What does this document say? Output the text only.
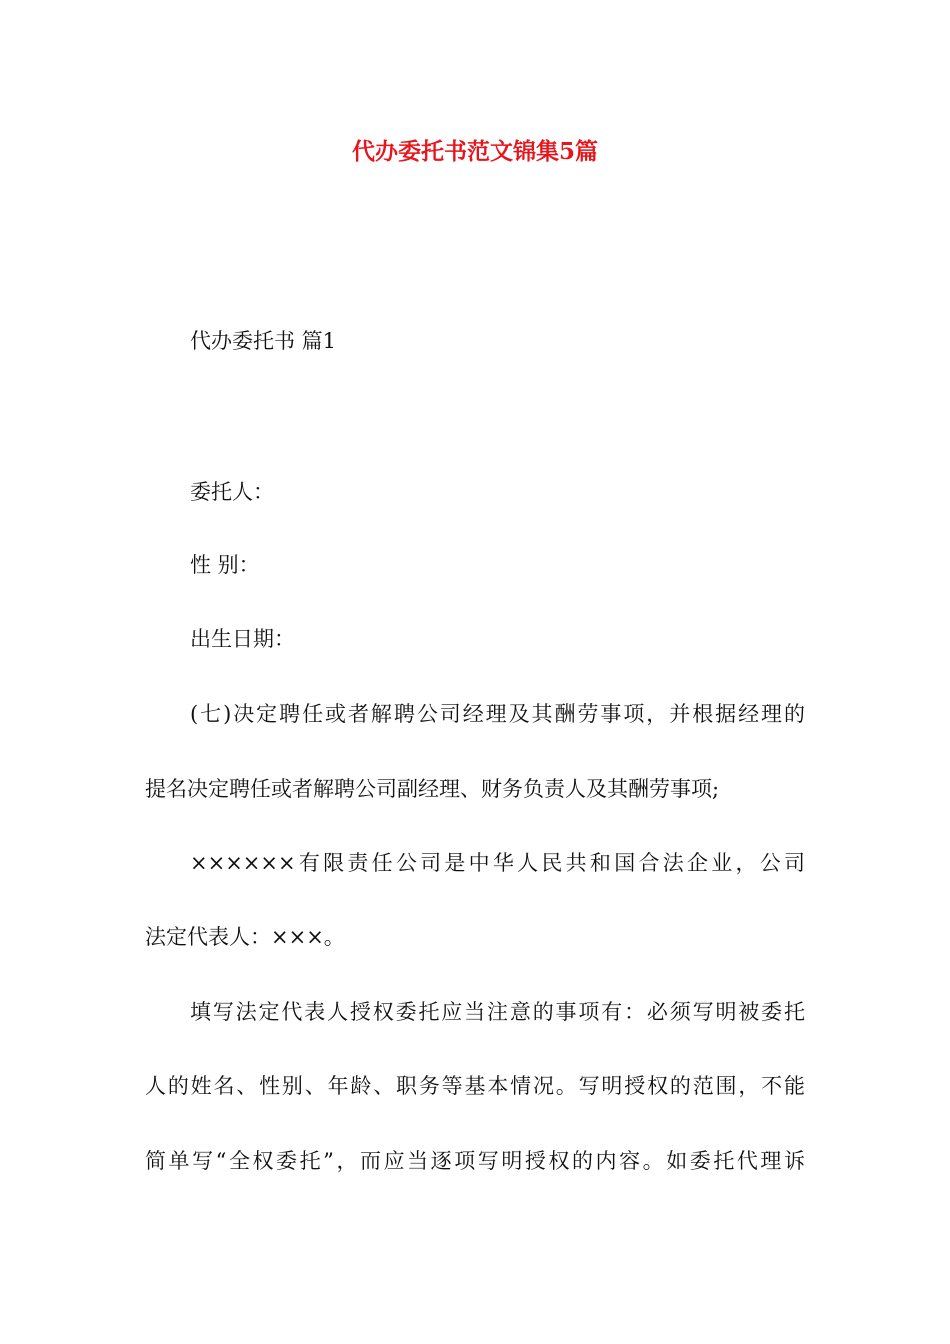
代办委托书范文锦集5篇

代办委托书 篇1

委托人：

性 别：

出生日期：

(七)决定聘任或者解聘公司经理及其酬劳事项，并根据经理的

提名决定聘任或者解聘公司副经理、财务负责人及其酬劳事项;

××××××有限责任公司是中华人民共和国合法企业，公司

法定代表人：×××。

填写法定代表人授权委托应当注意的事项有：必须写明被委托

人的姓名、性别、年龄、职务等基本情况。写明授权的范围，不能

简单写“全权委托”，而应当逐项写明授权的内容。如委托代理诉
